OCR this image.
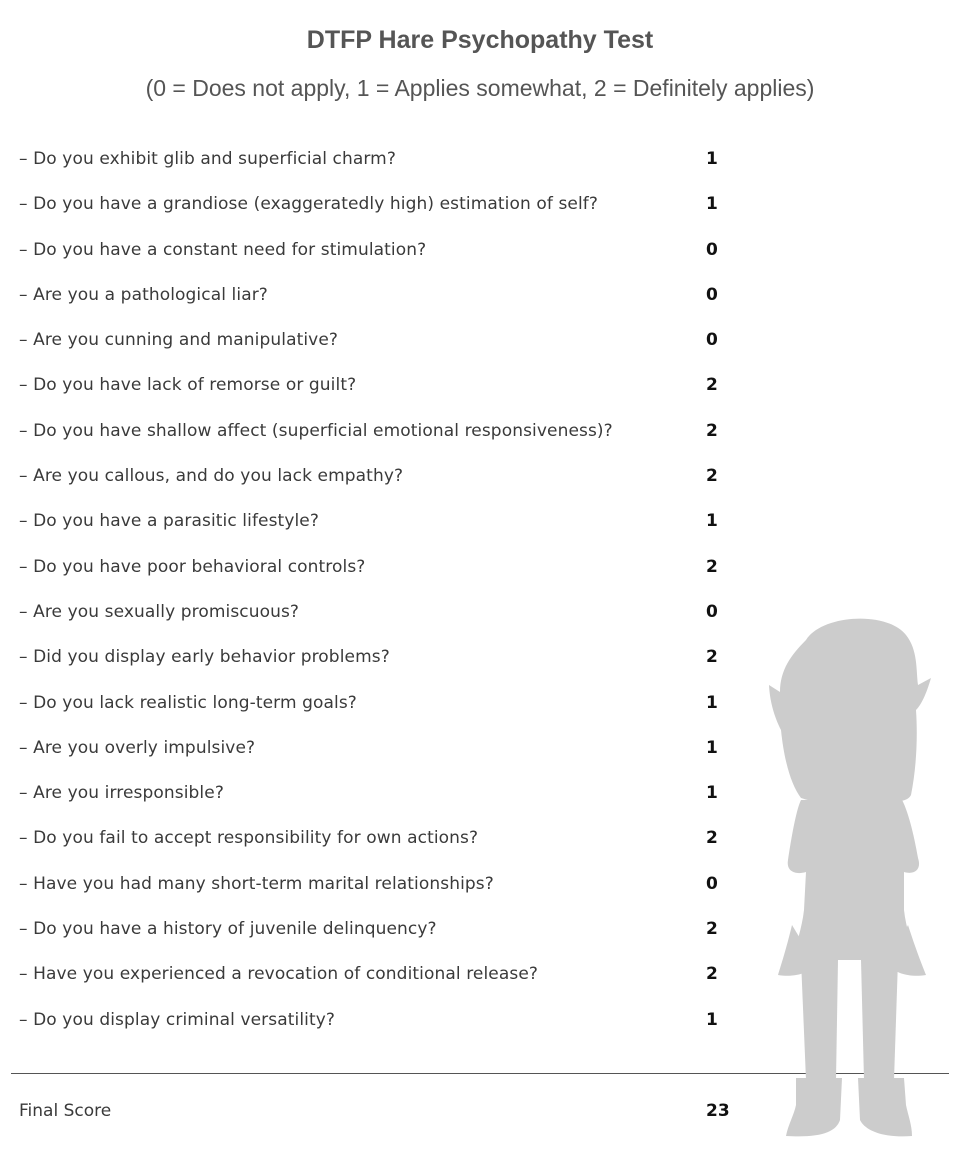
DTFP Hare Psychopathy Test

(0 = Does not apply, 1 = Applies somewhat, 2 = Definitely applies)

– Do you exhibit glib and superficial charm?	1
– Do you have a grandiose (exaggeratedly high) estimation of self?	1
– Do you have a constant need for stimulation?	0
– Are you a pathological liar?	0
– Are you cunning and manipulative?	0
– Do you have lack of remorse or guilt?	2
– Do you have shallow affect (superficial emotional responsiveness)?	2
– Are you callous, and do you lack empathy?	2
– Do you have a parasitic lifestyle?	1
– Do you have poor behavioral controls?	2
– Are you sexually promiscuous?	0
– Did you display early behavior problems?	2
– Do you lack realistic long-term goals?	1
– Are you overly impulsive?	1
– Are you irresponsible?	1
– Do you fail to accept responsibility for own actions?	2
– Have you had many short-term marital relationships?	0
– Do you have a history of juvenile delinquency?	2
– Have you experienced a revocation of conditional release?	2
– Do you display criminal versatility?	1
Final Score	23
